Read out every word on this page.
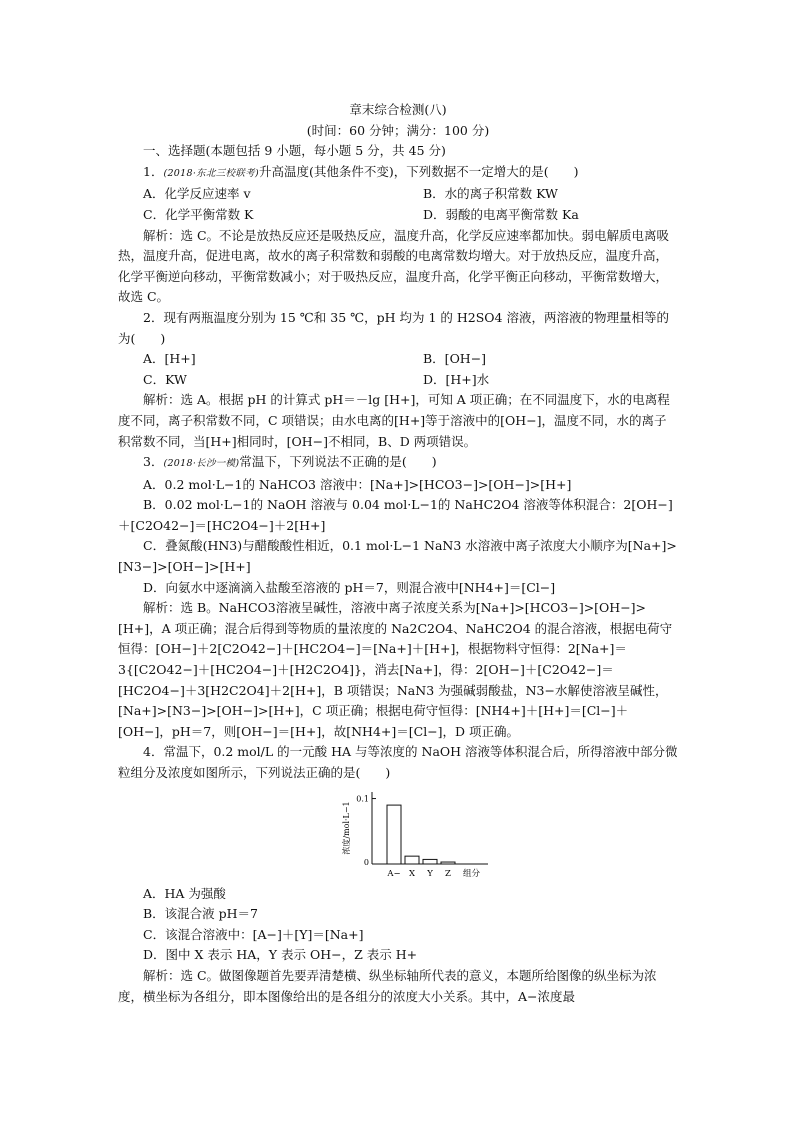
章末综合检测(八)

(时间：60 分钟；满分：100 分)

一、选择题(本题包括 9 小题，每小题 5 分，共 45 分)

1．(2018·东北三校联考)升高温度(其他条件不变)，下列数据不一定增大的是(　　)

A．化学反应速率 v	B．水的离子积常数 KW
C．化学平衡常数 K	D．弱酸的电离平衡常数 Ka

解析：选 C。不论是放热反应还是吸热反应，温度升高，化学反应速率都加快。弱电解质电离吸热，温度升高，促进电离，故水的离子积常数和弱酸的电离常数均增大。对于放热反应，温度升高，化学平衡逆向移动，平衡常数减小；对于吸热反应，温度升高，化学平衡正向移动，平衡常数增大，故选 C。

2．现有两瓶温度分别为 15 ℃和 35 ℃，pH 均为 1 的 H2SO4 溶液，两溶液的物理量相等的为(　　)

A．[H+]	B．[OH−]
C．KW	D．[H+]水

解析：选 A。根据 pH 的计算式 pH＝－lg [H+]，可知 A 项正确；在不同温度下，水的电离程度不同，离子积常数不同，C 项错误；由水电离的[H+]等于溶液中的[OH−]，温度不同，水的离子积常数不同，当[H+]相同时，[OH−]不相同，B、D 两项错误。

3．(2018·长沙一模)常温下，下列说法不正确的是(　　)

A．0.2 mol·L−1的 NaHCO3 溶液中：[Na+]>[HCO3−]>[OH−]>[H+]

B．0.02 mol·L−1的 NaOH 溶液与 0.04 mol·L−1的 NaHC2O4 溶液等体积混合：2[OH−]＋[C2O42−]＝[HC2O4−]＋2[H+]

C．叠氮酸(HN3)与醋酸酸性相近，0.1 mol·L−1 NaN3 水溶液中离子浓度大小顺序为[Na+]>[N3−]>[OH−]>[H+]

D．向氨水中逐滴滴入盐酸至溶液的 pH＝7，则混合液中[NH4+]＝[Cl−]

解析：选 B。NaHCO3溶液呈碱性，溶液中离子浓度关系为[Na+]>[HCO3−]>[OH−]>[H+]，A 项正确；混合后得到等物质的量浓度的 Na2C2O4、NaHC2O4 的混合溶液，根据电荷守恒得：[OH−]＋2[C2O42−]＋[HC2O4−]＝[Na+]＋[H+]，根据物料守恒得：2[Na+]＝3{[C2O42−]＋[HC2O4−]＋[H2C2O4]}，消去[Na+]，得：2[OH−]＋[C2O42−]＝[HC2O4−]＋3[H2C2O4]＋2[H+]，B 项错误；NaN3 为强碱弱酸盐，N3−水解使溶液呈碱性，[Na+]>[N3−]>[OH−]>[H+]，C 项正确；根据电荷守恒得：[NH4+]＋[H+]＝[Cl−]＋[OH−]，pH＝7，则[OH−]＝[H+]，故[NH4+]＝[Cl−]，D 项正确。

4．常温下，0.2 mol/L 的一元酸 HA 与等浓度的 NaOH 溶液等体积混合后，所得溶液中部分微粒组分及浓度如图所示，下列说法正确的是(　　)

浓度/mol·L−1
0.1
0
A− X Y Z 组分

A．HA 为强酸

B．该混合液 pH＝7

C．该混合溶液中：[A−]＋[Y]＝[Na+]

D．图中 X 表示 HA，Y 表示 OH−，Z 表示 H+

解析：选 C。做图像题首先要弄清楚横、纵坐标轴所代表的意义，本题所给图像的纵坐标为浓度，横坐标为各组分，即本图像给出的是各组分的浓度大小关系。其中，A−浓度最
